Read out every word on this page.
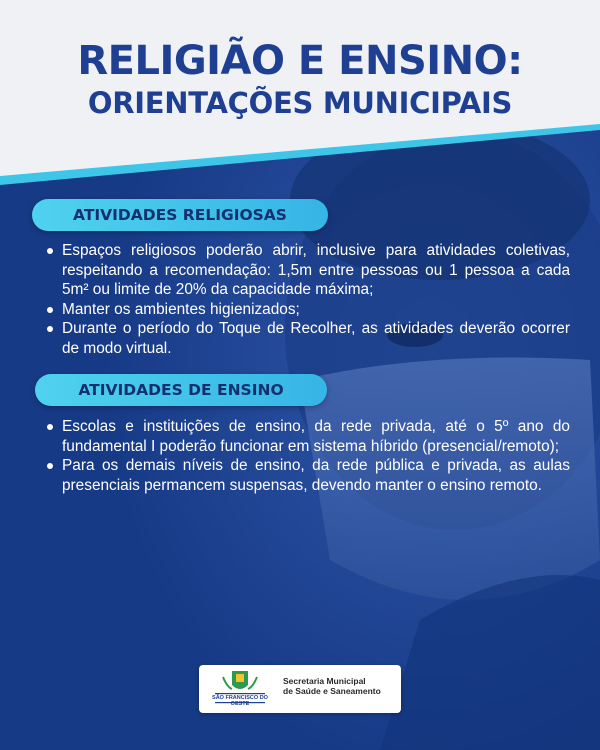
RELIGIÃO E ENSINO:
ORIENTAÇÕES MUNICIPAIS
ATIVIDADES RELIGIOSAS
Espaços religiosos poderão abrir, inclusive para atividades coletivas, respeitando a recomendação: 1,5m entre pessoas ou 1 pessoa a cada 5m² ou limite de 20% da capacidade máxima;
Manter os ambientes higienizados;
Durante o período do Toque de Recolher, as atividades deverão ocorrer de modo virtual.
ATIVIDADES DE ENSINO
Escolas e instituições de ensino, da rede privada, até o 5º ano do fundamental I poderão funcionar em sistema híbrido (presencial/remoto);
Para os demais níveis de ensino, da rede pública e privada, as aulas presenciais permancem suspensas, devendo manter o ensino remoto.
SÃO FRANCISCO DO OESTE
Secretaria Municipal
de Saúde e Saneamento
